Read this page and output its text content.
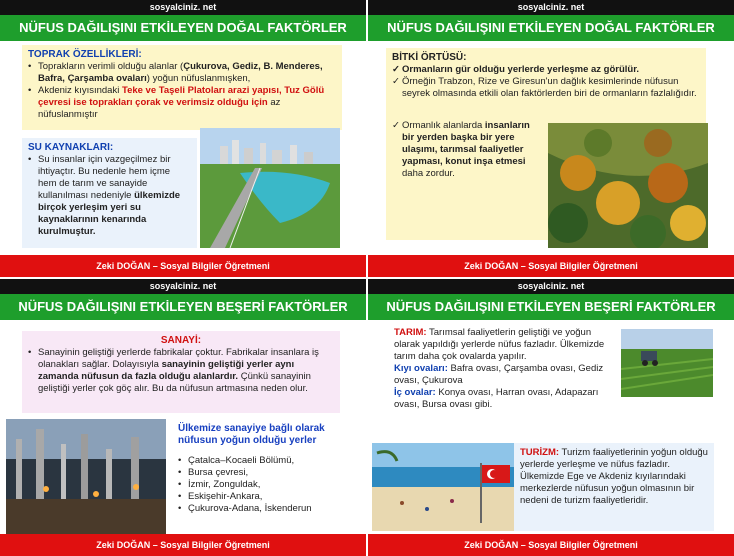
sosyalciniz. net
NÜFUS DAĞILIŞINI ETKİLEYEN DOĞAL FAKTÖRLER
TOPRAK ÖZELLİKLERİ:
• Toprakların verimli olduğu alanlar (Çukurova, Gediz, B. Menderes, Bafra, Çarşamba ovaları) yoğun nüfuslanmışken,
• Akdeniz kıyısındaki Teke ve Taşeli Platoları arazi yapısı, Tuz Gölü çevresi ise toprakları çorak ve verimsiz olduğu için az nüfuslanmıştır
SU KAYNAKLARI:
• Su insanlar için vazgeçilmez bir ihtiyaçtır. Bu nedenle hem içme hem de tarım ve sanayide kullanılması nedeniyle ülkemizde birçok yerleşim yeri su kaynaklarının kenarında kurulmuştur.
Zeki DOĞAN – Sosyal Bilgiler Öğretmeni
sosyalciniz. net
NÜFUS DAĞILIŞINI ETKİLEYEN DOĞAL FAKTÖRLER
BİTKİ ÖRTÜSÜ:
✓ Ormanların gür olduğu yerlerde yerleşme az görülür.
✓ Örneğin Trabzon, Rize ve Giresun'un dağlık kesimlerinde nüfusun seyrek olmasında etkili olan faktörlerden biri de ormanların fazlalığıdır.
✓ Ormanlık alanlarda insanların bir yerden başka bir yere ulaşımı, tarımsal faaliyetler yapması, konut inşa etmesi daha zordur.
Zeki DOĞAN – Sosyal Bilgiler Öğretmeni
sosyalciniz. net
NÜFUS DAĞILIŞINI ETKİLEYEN BEŞERİ FAKTÖRLER
SANAYİ:
• Sanayinin geliştiği yerlerde fabrikalar çoktur. Fabrikalar insanlara iş olanakları sağlar. Dolayısıyla sanayinin geliştiği yerler aynı zamanda nüfusun da fazla olduğu alanlardır. Çünkü sanayinin geliştiği yerler çok göç alır. Bu da nüfusun artmasına neden olur.
Ülkemize sanayiye bağlı olarak nüfusun yoğun olduğu yerler
• Çatalca–Kocaeli Bölümü,
• Bursa çevresi,
• İzmir, Zonguldak,
• Eskişehir-Ankara,
• Çukurova-Adana, İskenderun
Zeki DOĞAN – Sosyal Bilgiler Öğretmeni
sosyalciniz. net
NÜFUS DAĞILIŞINI ETKİLEYEN BEŞERİ FAKTÖRLER

TARIM: Tarımsal faaliyetlerin geliştiği ve yoğun olarak yapıldığı yerlerde nüfus fazladır. Ülkemizde tarım daha çok ovalarda yapılır.

Kıyı ovaları: Bafra ovası, Çarşamba ovası, Gediz ovası, Çukurova

İç ovalar: Konya ovası, Harran ovası, Adapazarı ovası, Bursa ovası gibi.

TURİZM: Turizm faaliyetlerinin yoğun olduğu yerlerde yerleşme ve nüfus fazladır. Ülkemizde Ege ve Akdeniz kıyılarındaki merkezlerde nüfusun yoğun olmasının bir nedeni de turizm faaliyetleridir.

Zeki DOĞAN – Sosyal Bilgiler Öğretmeni
